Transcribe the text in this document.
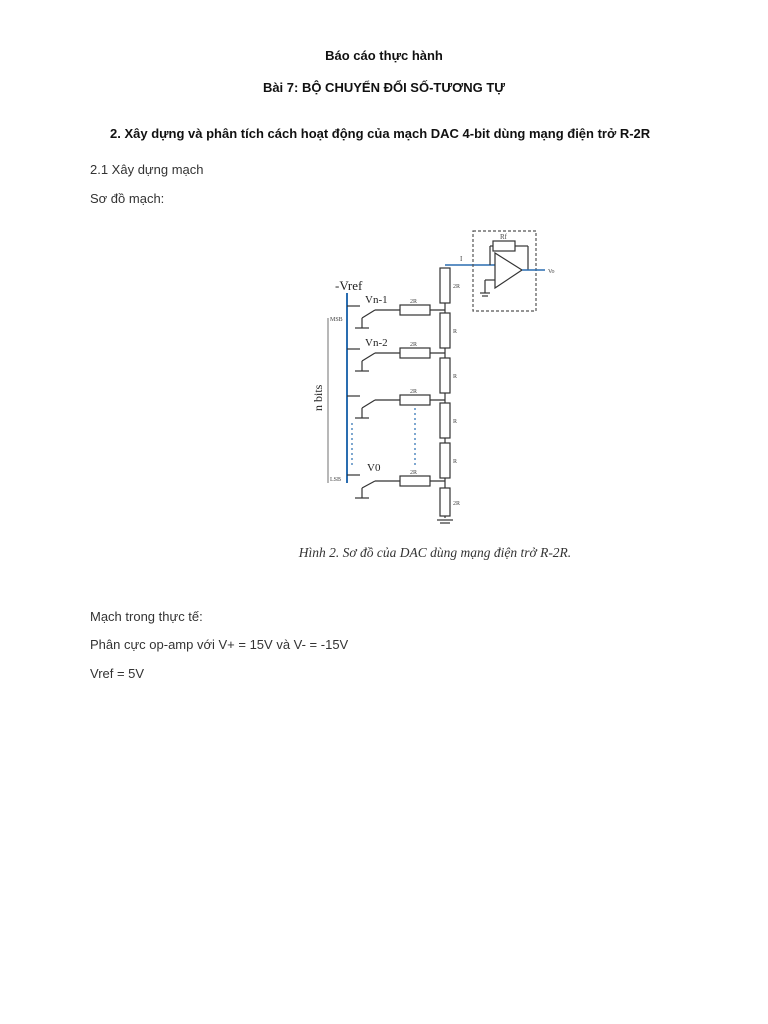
Báo cáo thực hành
Bài 7: BỘ CHUYỂN ĐỔI SỐ-TƯƠNG TỰ
2. Xây dựng và phân tích cách hoạt động của mạch DAC 4-bit dùng mạng điện trở R-2R
2.1 Xây dựng mạch
Sơ đồ mạch:
-Vref
MSB
LSB
n bits
Vn-1
Vn-2
V0
2R
2R
2R
2R
2R
2R
R
R
R
R
Rf
I
Vo
Hình 2. Sơ đồ của DAC dùng mạng điện trở R-2R.
Mạch trong thực tế:
Phân cực op-amp với V+ = 15V và V- = -15V
Vref = 5V
